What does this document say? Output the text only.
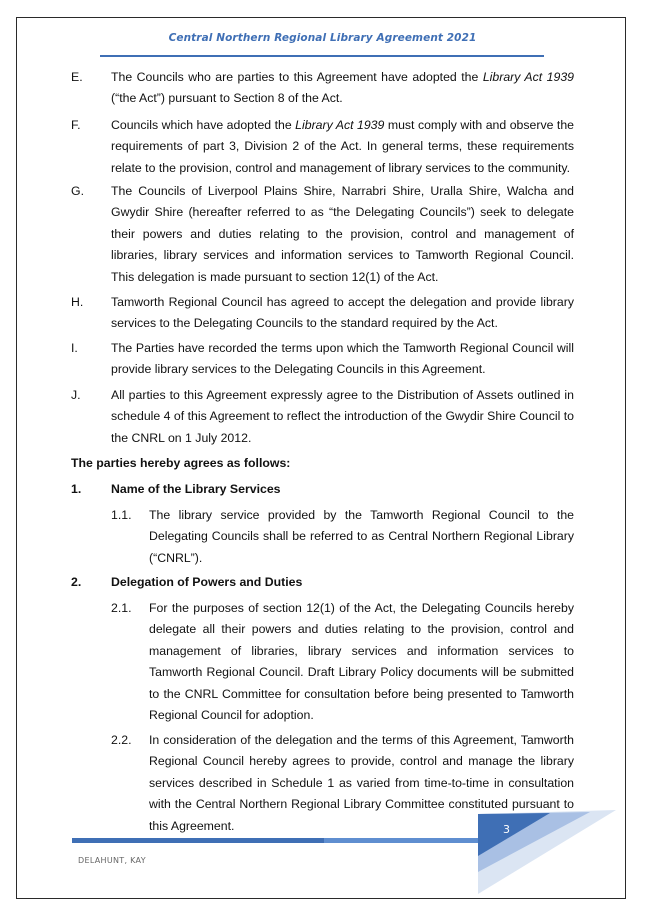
Central Northern Regional Library Agreement 2021
E. The Councils who are parties to this Agreement have adopted the Library Act 1939 (“the Act”) pursuant to Section 8 of the Act.
F. Councils which have adopted the Library Act 1939 must comply with and observe the requirements of part 3, Division 2 of the Act. In general terms, these requirements relate to the provision, control and management of library services to the community.
G. The Councils of Liverpool Plains Shire, Narrabri Shire, Uralla Shire, Walcha and Gwydir Shire (hereafter referred to as “the Delegating Councils”) seek to delegate their powers and duties relating to the provision, control and management of libraries, library services and information services to Tamworth Regional Council. This delegation is made pursuant to section 12(1) of the Act.
H. Tamworth Regional Council has agreed to accept the delegation and provide library services to the Delegating Councils to the standard required by the Act.
I.	The Parties have recorded the terms upon which the Tamworth Regional Council will provide library services to the Delegating Councils in this Agreement.
J. All parties to this Agreement expressly agree to the Distribution of Assets outlined in schedule 4 of this Agreement to reflect the introduction of the Gwydir Shire Council to the CNRL on 1 July 2012.
The parties hereby agrees as follows:
1. Name of the Library Services
1.1. The library service provided by the Tamworth Regional Council to the Delegating Councils shall be referred to as Central Northern Regional Library (“CNRL”).
2. Delegation of Powers and Duties
2.1. For the purposes of section 12(1) of the Act, the Delegating Councils hereby delegate all their powers and duties relating to the provision, control and management of libraries, library services and information services to Tamworth Regional Council. Draft Library Policy documents will be submitted to the CNRL Committee for consultation before being presented to Tamworth Regional Council for adoption.
2.2. In consideration of the delegation and the terms of this Agreement, Tamworth Regional Council hereby agrees to provide, control and manage the library services described in Schedule 1 as varied from time-to-time in consultation with the Central Northern Regional Library Committee constituted pursuant to this Agreement.	3
DELAHUNT, KAY
